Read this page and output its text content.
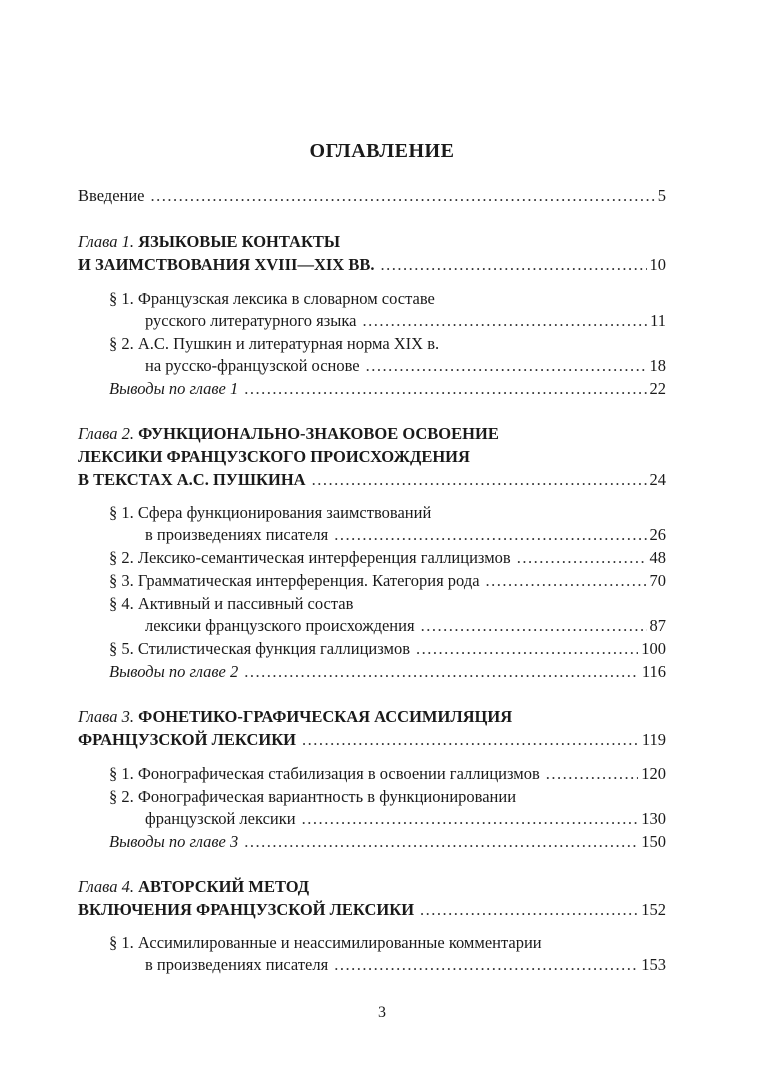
ОГЛАВЛЕНИЕ
Введение .....	5
Глава 1. ЯЗЫКОВЫЕ КОНТАКТЫ
И ЗАИМСТВОВАНИЯ XVIII—XIX ВВ. .....	10
§ 1. Французская лексика в словарном составе
русского литературного языка .....	11
§ 2. А.С. Пушкин и литературная норма XIX в.
на русско-французской основе .....	18
Выводы по главе 1 .....	22
Глава 2. ФУНКЦИОНАЛЬНО-ЗНАКОВОЕ ОСВОЕНИЕ
ЛЕКСИКИ ФРАНЦУЗСКОГО ПРОИСХОЖДЕНИЯ
В ТЕКСТАХ А.С. ПУШКИНА .....	24
§ 1. Сфера функционирования заимствований
в произведениях писателя .....	26
§ 2. Лексико-семантическая интерференция галлицизмов .....	48
§ 3. Грамматическая интерференция. Категория рода .....	70
§ 4. Активный и пассивный состав
лексики французского происхождения .....	87
§ 5. Стилистическая функция галлицизмов .....	100
Выводы по главе 2 .....	116
Глава 3. ФОНЕТИКО-ГРАФИЧЕСКАЯ АССИМИЛЯЦИЯ
ФРАНЦУЗСКОЙ ЛЕКСИКИ .....	119
§ 1. Фонографическая стабилизация в освоении галлицизмов .....	120
§ 2. Фонографическая вариантность в функционировании
французской лексики .....	130
Выводы по главе 3 .....	150
Глава 4. АВТОРСКИЙ МЕТОД
ВКЛЮЧЕНИЯ ФРАНЦУЗСКОЙ ЛЕКСИКИ .....	152
§ 1. Ассимилированные и неассимилированные комментарии
в произведениях писателя .....	153
3
